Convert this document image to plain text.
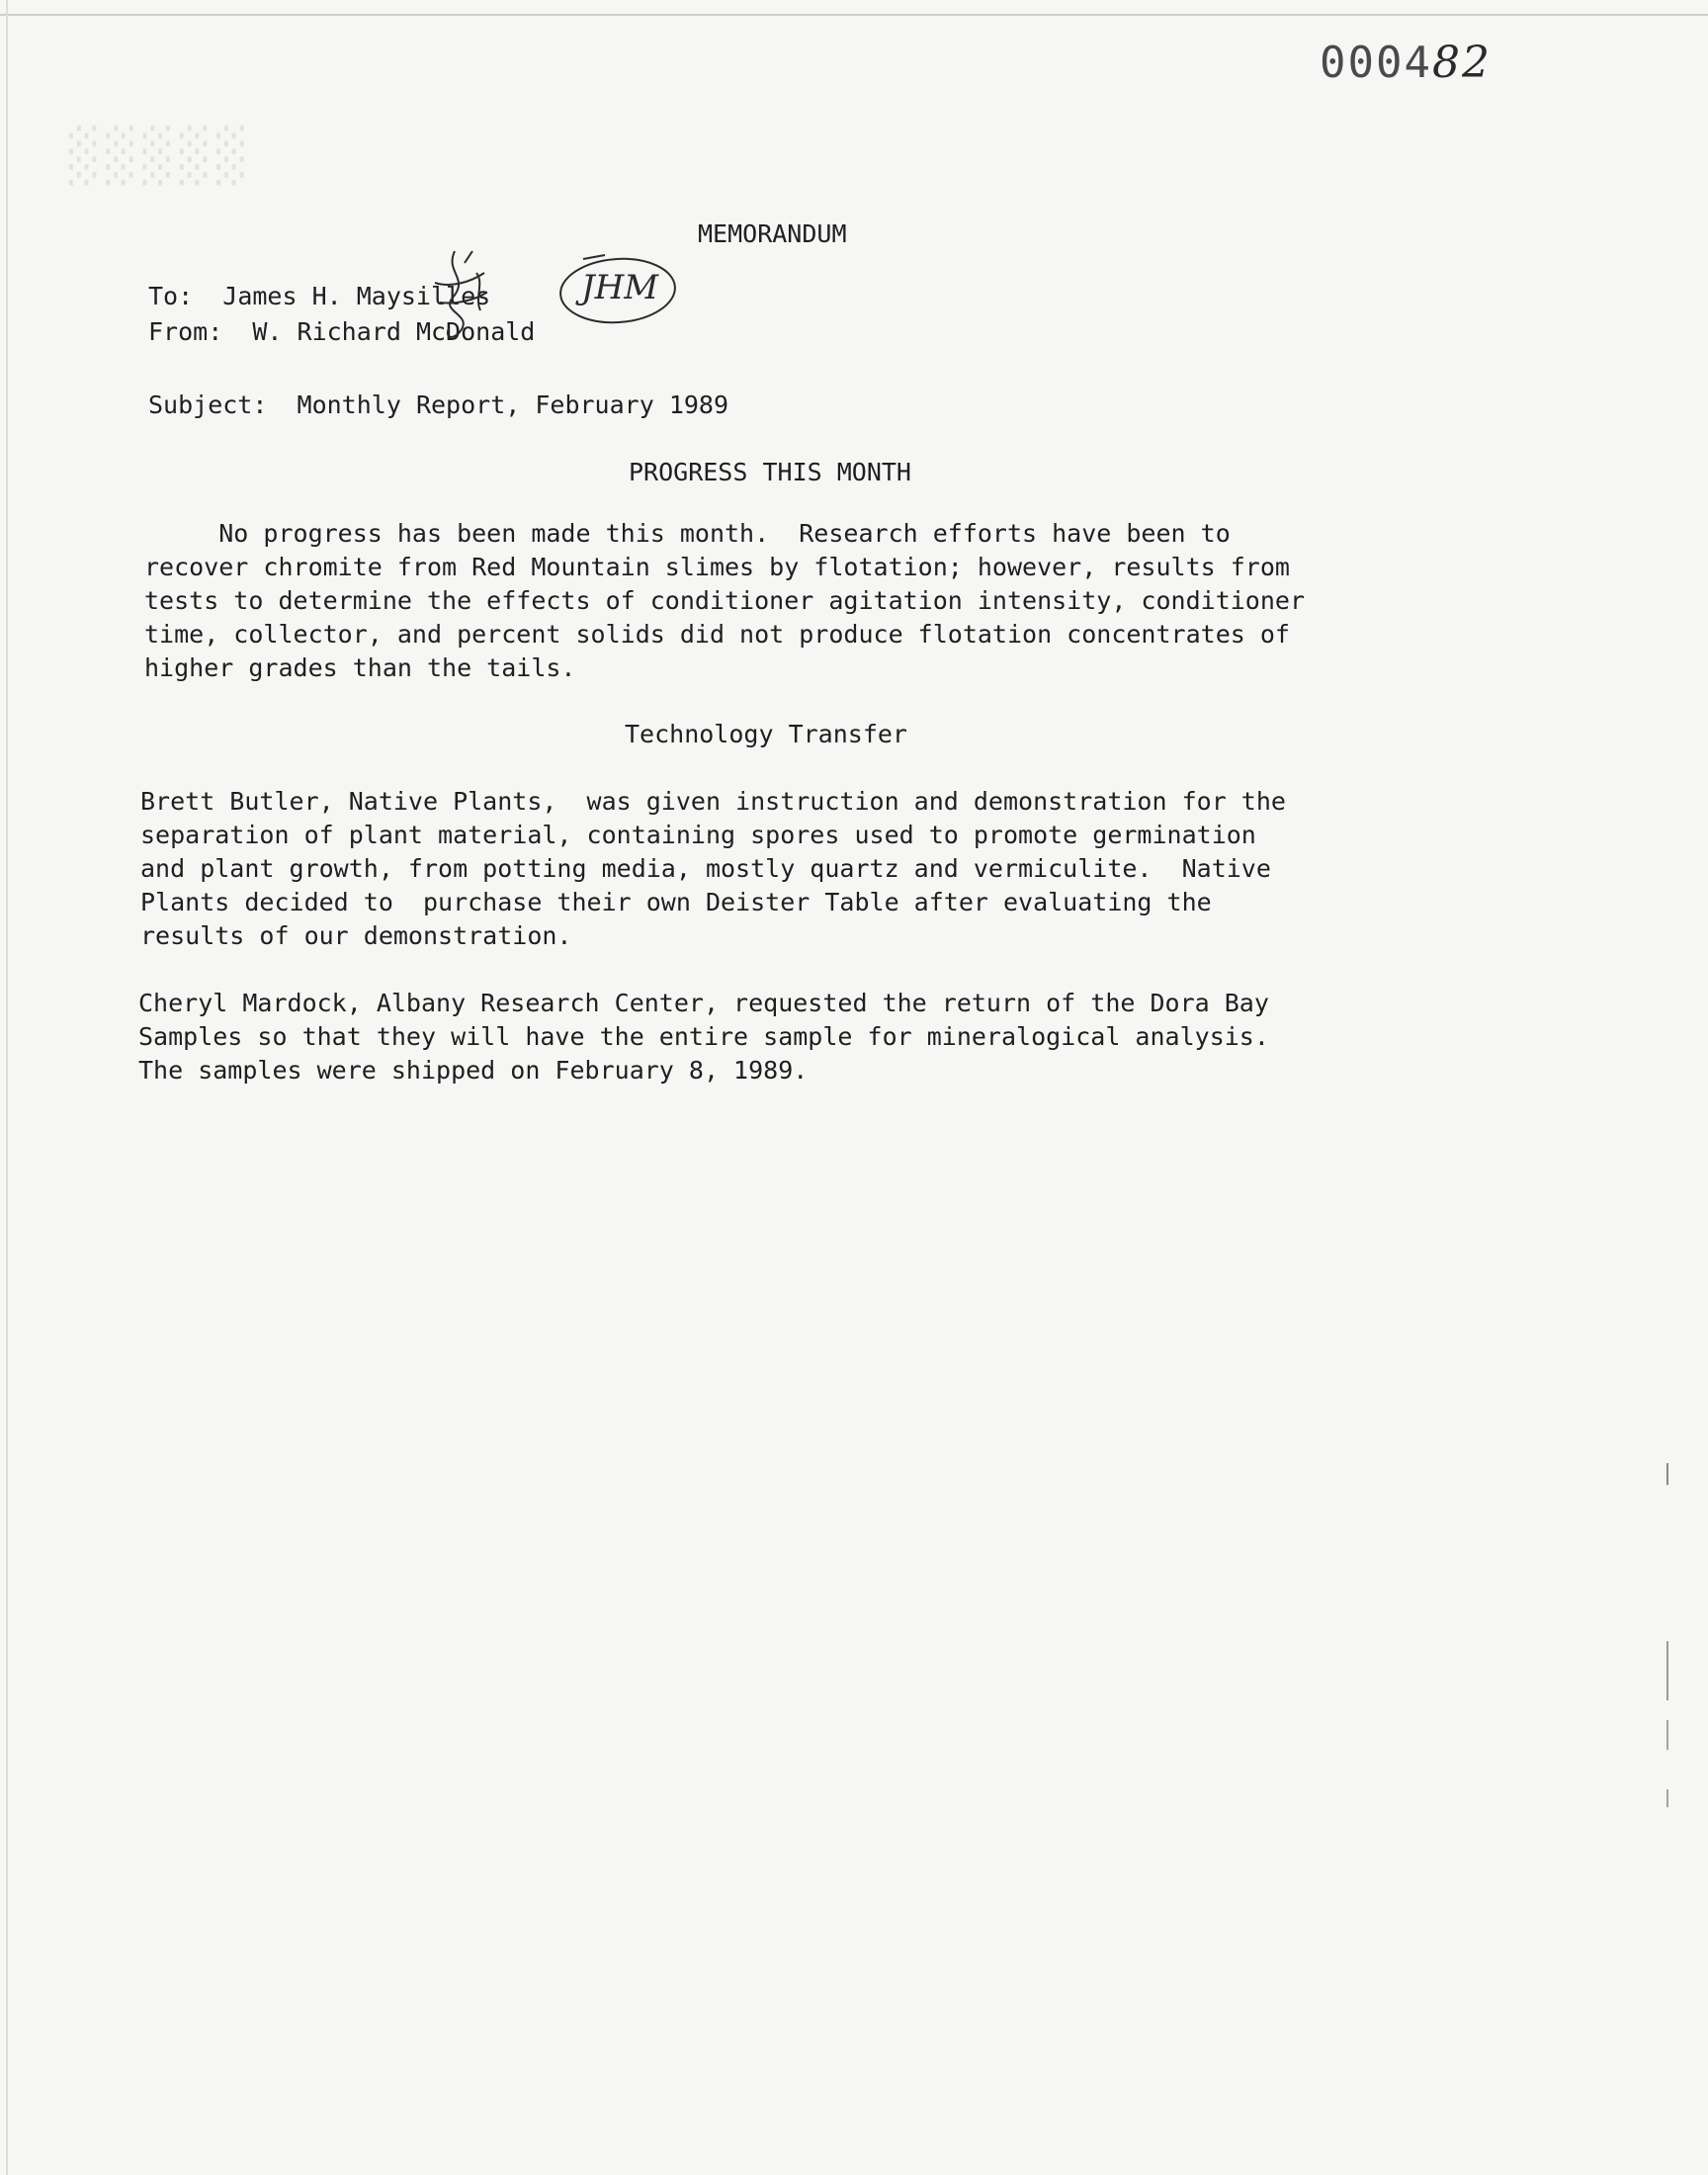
░░░░░
000482
MEMORANDUM
To: James H. Maysilles
From: W. Richard McDonald
JHM
Subject: Monthly Report, February 1989
PROGRESS THIS MONTH
No progress has been made this month.  Research efforts have been to
recover chromite from Red Mountain slimes by flotation; however, results from
tests to determine the effects of conditioner agitation intensity, conditioner
time, collector, and percent solids did not produce flotation concentrates of
higher grades than the tails.
Technology Transfer
Brett Butler, Native Plants,  was given instruction and demonstration for the
separation of plant material, containing spores used to promote germination
and plant growth, from potting media, mostly quartz and vermiculite.  Native
Plants decided to  purchase their own Deister Table after evaluating the
results of our demonstration.
Cheryl Mardock, Albany Research Center, requested the return of the Dora Bay
Samples so that they will have the entire sample for mineralogical analysis.
The samples were shipped on February 8, 1989.
